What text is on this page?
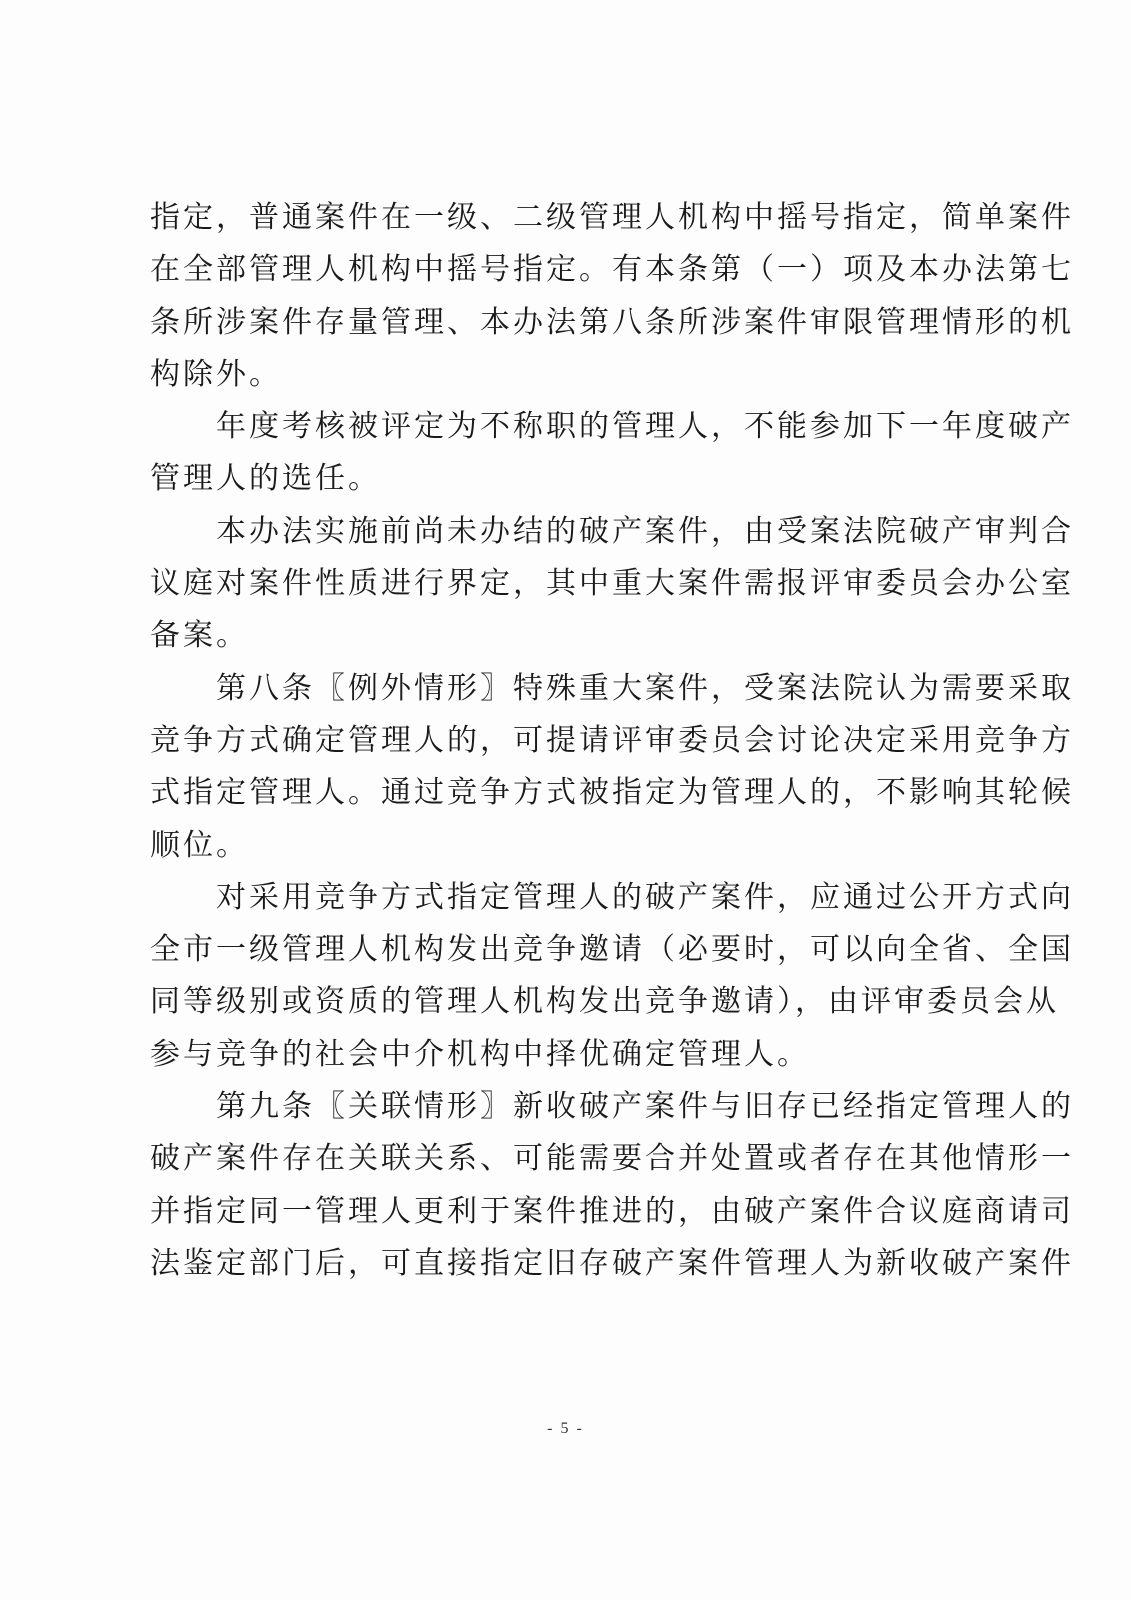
指定，普通案件在一级、二级管理人机构中摇号指定，简单案件
在全部管理人机构中摇号指定。有本条第（一）项及本办法第七
条所涉案件存量管理、本办法第八条所涉案件审限管理情形的机
构除外。
　　年度考核被评定为不称职的管理人，不能参加下一年度破产
管理人的选任。
　　本办法实施前尚未办结的破产案件，由受案法院破产审判合
议庭对案件性质进行界定，其中重大案件需报评审委员会办公室
备案。
　　第八条〖例外情形〗特殊重大案件，受案法院认为需要采取
竞争方式确定管理人的，可提请评审委员会讨论决定采用竞争方
式指定管理人。通过竞争方式被指定为管理人的，不影响其轮候
顺位。
　　对采用竞争方式指定管理人的破产案件，应通过公开方式向
全市一级管理人机构发出竞争邀请（必要时，可以向全省、全国
同等级别或资质的管理人机构发出竞争邀请），由评审委员会从
参与竞争的社会中介机构中择优确定管理人。
　　第九条〖关联情形〗新收破产案件与旧存已经指定管理人的
破产案件存在关联关系、可能需要合并处置或者存在其他情形一
并指定同一管理人更利于案件推进的，由破产案件合议庭商请司
法鉴定部门后，可直接指定旧存破产案件管理人为新收破产案件
- 5 -
